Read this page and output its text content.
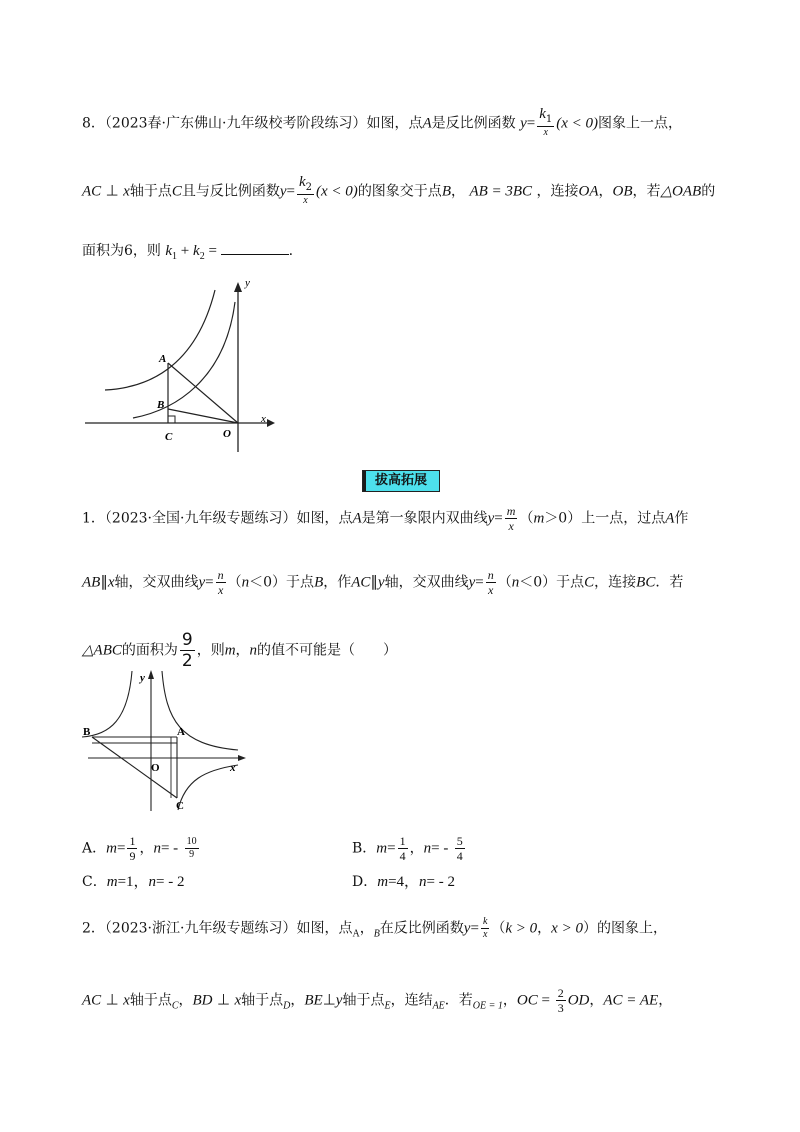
8．（2023春·广东佛山·九年级校考阶段练习）如图，点A是反比例函数 $y= \frac{k1}{x} (x < 0)$图象上一点，
AC ⊥ x轴于点C且与反比例函数$y= \frac{k2}{x} (x < 0)$的图象交于点B， AB = 3BC ，连接OA，OB，若△OAB的
面积为6，则 $k_1 + k_2$ =	.
y
x
A
B
C	O
拔高拓展
1．（2023·全国·九年级专题练习）如图，点A是第一象限内双曲线$y= \frac{m}{x} (m>0)$上一点，过点A作
AB∥x轴，交双曲线$y= \frac{n}{x} (n<0)$于点B，作AC∥y轴，交双曲线$y= \frac{n}{x} (n<0)$于点C，连接BC．若
△ABC的面积为 $\frac{9}{2}$ ，则m，n的值不可能是（　　）
y
x
A
B
C
O
A．$m= \frac{1}{9}$ ，$n= - \frac{10}{9}$	B．$m= \frac{1}{4}$ ，$n= - \frac{5}{4}$
C．m=1，n= - 2	D．m=4，n= - 2
2．（2023·浙江·九年级专题练习）如图，点$_A$，$_B$在反比例函数$y= \frac{k}{x} (k > 0$，x > 0）的图象上，
AC ⊥ x轴于点$_C$，BD ⊥ x轴于点$_D$，BE⊥y轴于点$_E$，连结$_{AE}$．若$_{OE = 1}$，OC = $\frac{2}{3}$ OD，AC = AE，
